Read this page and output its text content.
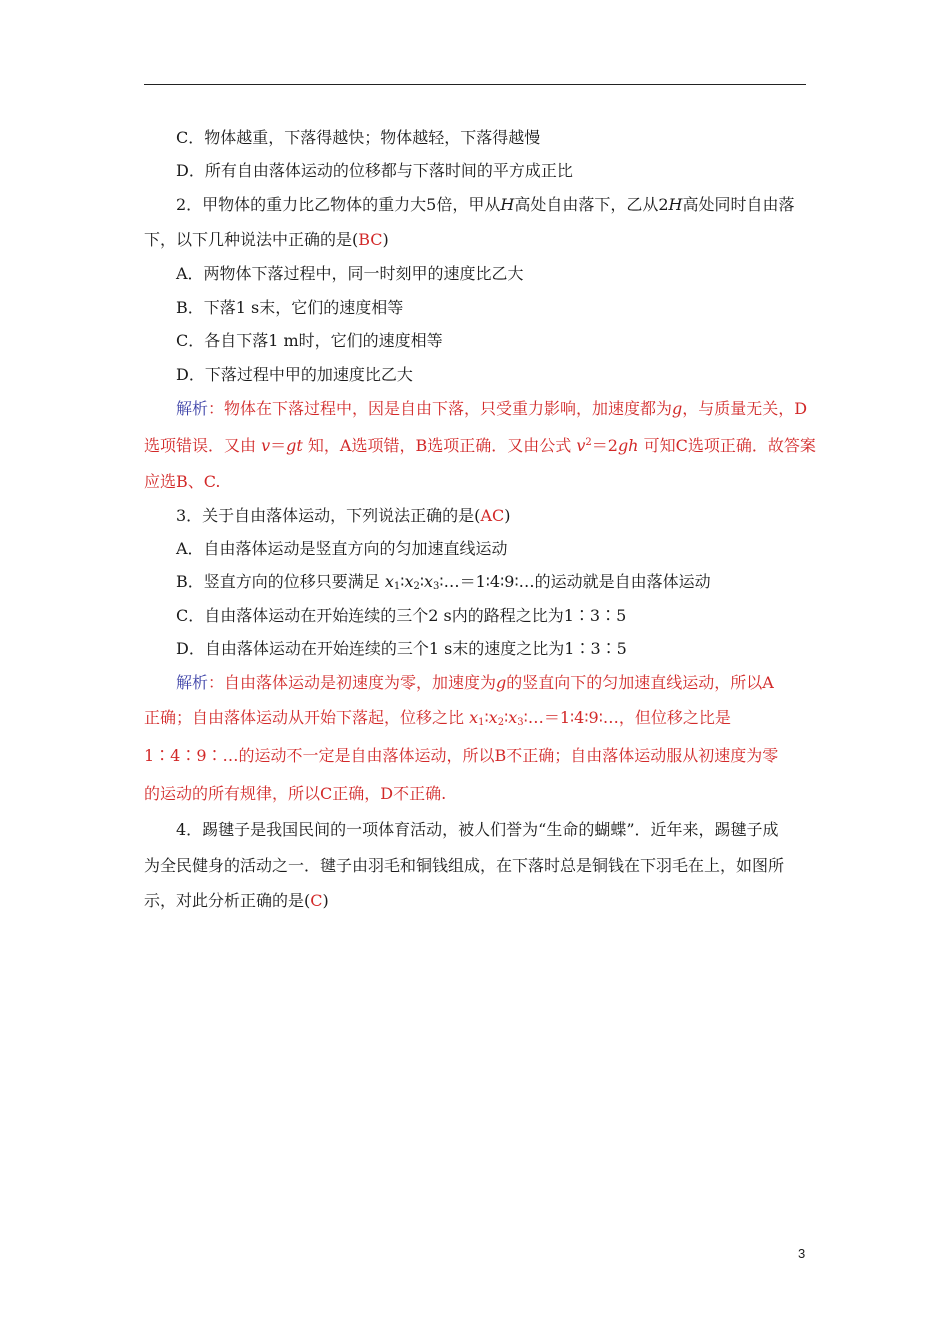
C．物体越重，下落得越快；物体越轻，下落得越慢
D．所有自由落体运动的位移都与下落时间的平方成正比
2．甲物体的重力比乙物体的重力大5倍，甲从H高处自由落下，乙从2H高处同时自由落
下，以下几种说法中正确的是(BC)
A．两物体下落过程中，同一时刻甲的速度比乙大
B．下落1 s末，它们的速度相等
C．各自下落1 m时，它们的速度相等
D．下落过程中甲的加速度比乙大
解析：物体在下落过程中，因是自由下落，只受重力影响，加速度都为g，与质量无关，D
选项错误．又由 v＝gt 知，A选项错，B选项正确．又由公式 $v^2=2gh$ 可知C选项正确．故答案
应选B、C.
3．关于自由落体运动，下列说法正确的是(AC)
A．自由落体运动是竖直方向的匀加速直线运动
B．竖直方向的位移只要满足 $x_1∶x_2∶x_3∶\dots=1∶4∶9∶\dots$的运动就是自由落体运动
C．自由落体运动在开始连续的三个2 s内的路程之比为1∶3∶5
D．自由落体运动在开始连续的三个1 s末的速度之比为1∶3∶5
解析：自由落体运动是初速度为零，加速度为g的竖直向下的匀加速直线运动，所以A
正确；自由落体运动从开始下落起，位移之比 $x_1∶x_2∶x_3∶\dots=1∶4∶9∶\dots$，但位移之比是
1∶4∶9∶…的运动不一定是自由落体运动，所以B不正确；自由落体运动服从初速度为零
的运动的所有规律，所以C正确，D不正确.
4．踢毽子是我国民间的一项体育活动，被人们誉为“生命的蝴蝶”．近年来，踢毽子成
为全民健身的活动之一．毽子由羽毛和铜钱组成，在下落时总是铜钱在下羽毛在上，如图所
示，对此分析正确的是(C)
3
